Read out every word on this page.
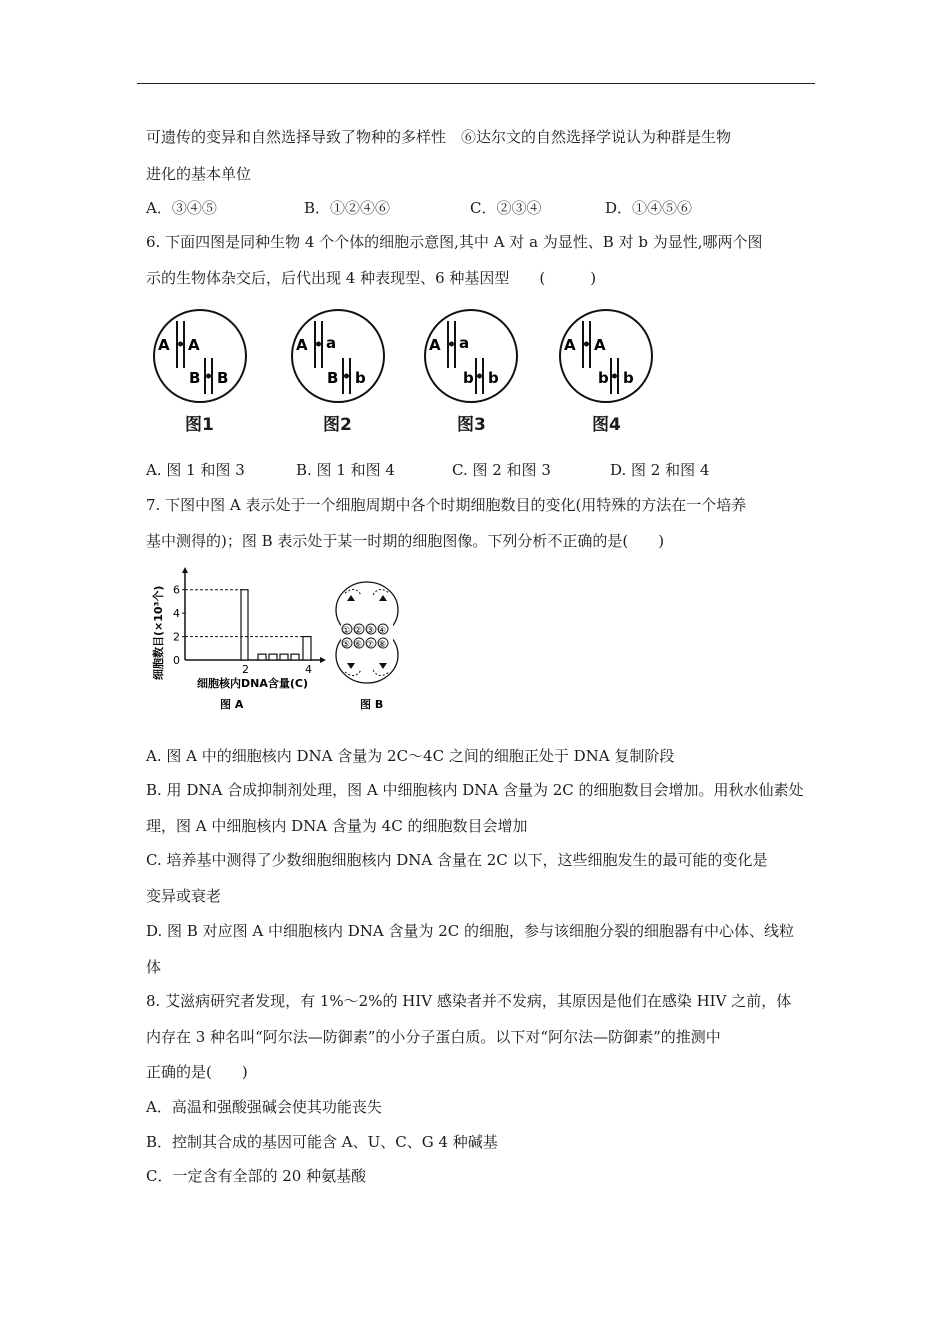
可遗传的变异和自然选择导致了物种的多样性　⑥达尔文的自然选择学说认为种群是生物
进化的基本单位
A．③④⑤	B．①②④⑥	C．②③④	D．①④⑤⑥
6. 下面四图是同种生物 4 个个体的细胞示意图,其中 A 对 a 为显性、B 对 b 为显性,哪两个图
示的生物体杂交后，后代出现 4 种表现型、6 种基因型　　(　　　)
A A
B B
图1
A a
B b
图2
A a
b b
图3
A A
b b
图4
A. 图 1 和图 3	B. 图 1 和图 4	C. 图 2 和图 3	D. 图 2 和图 4
7. 下图中图 A 表示处于一个细胞周期中各个时期细胞数目的变化(用特殊的方法在一个培养
基中测得的)；图 B 表示处于某一时期的细胞图像。下列分析不正确的是(　　)
0
2
4
6
2	4
细胞数目(×10³个)
细胞核内DNA含量(C)
图 A	图 B
① ② ③ ④
⑤ ⑥ ⑦ ⑧
A. 图 A 中的细胞核内 DNA 含量为 2C～4C 之间的细胞正处于 DNA 复制阶段
B. 用 DNA 合成抑制剂处理，图 A 中细胞核内 DNA 含量为 2C 的细胞数目会增加。用秋水仙素处
理，图 A 中细胞核内 DNA 含量为 4C 的细胞数目会增加
C. 培养基中测得了少数细胞细胞核内 DNA 含量在 2C 以下，这些细胞发生的最可能的变化是
变异或衰老
D. 图 B 对应图 A 中细胞核内 DNA 含量为 2C 的细胞，参与该细胞分裂的细胞器有中心体、线粒
体
8. 艾滋病研究者发现，有 1%～2%的 HIV 感染者并不发病，其原因是他们在感染 HIV 之前，体
内存在 3 种名叫“阿尔法—防御素”的小分子蛋白质。以下对“阿尔法—防御素”的推测中
正确的是(　　)
A．高温和强酸强碱会使其功能丧失
B．控制其合成的基因可能含 A、U、C、G 4 种碱基
C．一定含有全部的 20 种氨基酸
